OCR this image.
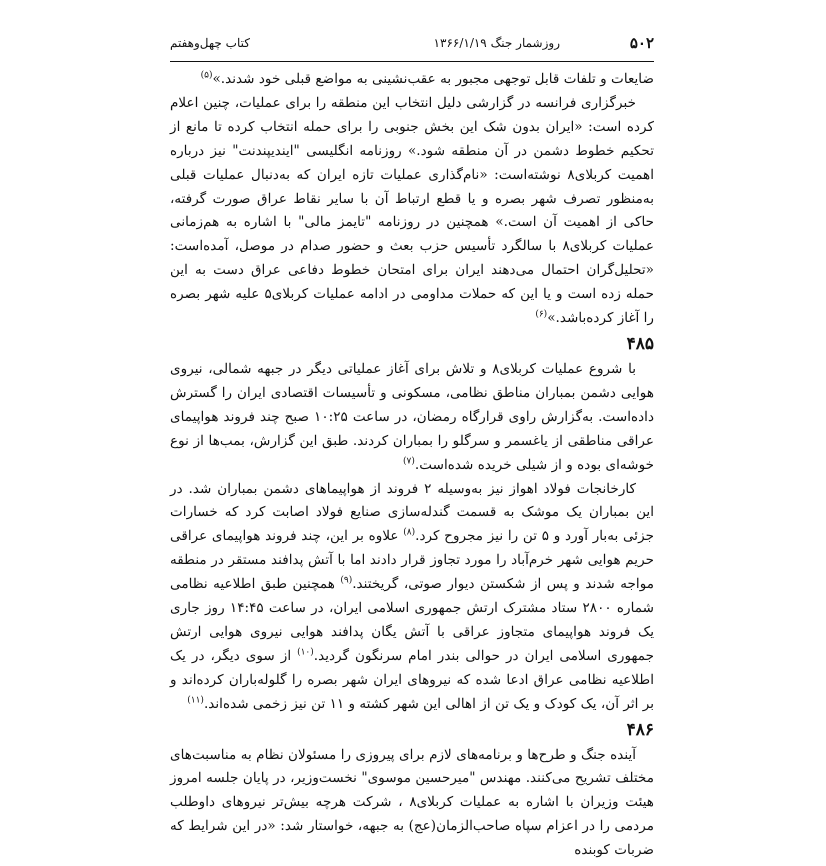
۵۰۲
روزشمار جنگ ۱۳۶۶/۱/۱۹
کتاب چهل‌وهفتم

ضایعات و تلفات قابل توجهی مجبور به عقب‌نشینی به مواضع قبلی خود شدند.»$^{(۵)}$

خبرگزاری فرانسه در گزارشی دلیل انتخاب این منطقه را برای عملیات، چنین اعلام کرده است: «ایران بدون شک این بخش جنوبی را برای حمله انتخاب کرده تا مانع از تحکیم خطوط دشمن در آن منطقه شود.» روزنامه انگلیسی "ایندیپندنت" نیز درباره اهمیت کربلای۸ نوشته‌است: «نام‌گذاری عملیات تازه ایران که به‌دنبال عملیات قبلی به‌منظور تصرف شهر بصره و یا قطع ارتباط آن با سایر نقاط عراق صورت گرفته، حاکی از اهمیت آن است.» همچنین در روزنامه "تایمز مالی" با اشاره به هم‌زمانی عملیات کربلای۸ با سالگرد تأسیس حزب بعث و حضور صدام در موصل، آمده‌است: «تحلیل‌گران احتمال می‌دهند ایران برای امتحان خطوط دفاعی عراق دست به این حمله زده است و یا این که حملات مداومی در ادامه عملیات کربلای۵ علیه شهر بصره را آغاز کرده‌باشد.»$^{(۶)}$

۴۸۵

با شروع عملیات کربلای۸ و تلاش برای آغاز عملیاتی دیگر در جبهه شمالی، نیروی هوایی دشمن بمباران مناطق نظامی، مسکونی و تأسیسات اقتصادی ایران را گسترش داده‌است. به‌گزارش راوی قرارگاه رمضان، در ساعت ۱۰:۲۵ صبح چند فروند هواپیمای عراقی مناطقی از یاغسمر و سرگلو را بمباران کردند. طبق این گزارش، بمب‌ها از نوع خوشه‌ای بوده و از شیلی خریده شده‌است.$^{(۷)}$

کارخانجات فولاد اهواز نیز به‌وسیله ۲ فروند از هواپیماهای دشمن بمباران شد. در این بمباران یک موشک به قسمت گندله‌سازی صنایع فولاد اصابت کرد که خسارات جزئی به‌بار آورد و ۵ تن را نیز مجروح کرد.$^{(۸)}$ علاوه بر این، چند فروند هواپیمای عراقی حریم هوایی شهر خرم‌آباد را مورد تجاوز قرار دادند اما با آتش پدافند مستقر در منطقه مواجه شدند و پس از شکستن دیوار صوتی، گریختند.$^{(۹)}$ همچنین طبق اطلاعیه نظامی شماره ۲۸۰۰ ستاد مشترک ارتش جمهوری اسلامی ایران، در ساعت ۱۴:۴۵ روز جاری یک فروند هواپیمای متجاوز عراقی با آتش یگان پدافند هوایی نیروی هوایی ارتش جمهوری اسلامی ایران در حوالی بندر امام سرنگون گردید.$^{(۱۰)}$ از سوی دیگر، در یک اطلاعیه نظامی عراق ادعا شده که نیروهای ایران شهر بصره را گلوله‌باران کرده‌اند و بر اثر آن، یک کودک و یک تن از اهالی این شهر کشته و ۱۱ تن نیز زخمی شده‌اند.$^{(۱۱)}$

۴۸۶

آینده جنگ و طرح‌ها و برنامه‌های لازم برای پیروزی را مسئولان نظام به مناسبت‌های مختلف تشریح می‌کنند. مهندس "میرحسین موسوی" نخست‌وزیر، در پایان جلسه امروز هیئت وزیران با اشاره به عملیات کربلای۸ ، شرکت هرچه بیش‌تر نیروهای داوطلب مردمی را در اعزام سپاه صاحب‌الزمان(عج) به جبهه، خواستار شد: «در این شرایط که ضربات کوبنده
